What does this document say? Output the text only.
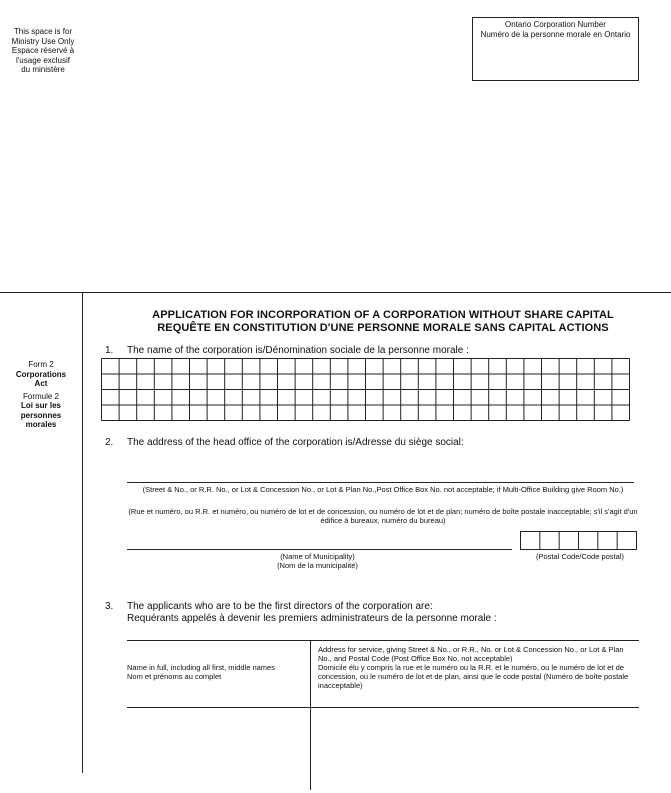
This space is for
Ministry Use Only
Espace réservé à
l'usage exclusif
du ministère
Ontario Corporation Number
Numéro de la personne morale en Ontario
Form 2
Corporations
Act
Formule 2
Loi sur les
personnes
morales
APPLICATION FOR INCORPORATION OF A CORPORATION WITHOUT SHARE CAPITAL
REQUÊTE EN CONSTITUTION D'UNE PERSONNE MORALE SANS CAPITAL ACTIONS
1. The name of the corporation is/Dénomination sociale de la personne morale :
2. The address of the head office of the corporation is/Adresse du siège social:
(Street & No., or R.R. No., or Lot & Concession No., or Lot & Plan No.,Post Office Box No. not acceptable; if Multi-Office Building give Room No.)
(Rue et numéro, ou R.R. et numéro, ou numéro de lot et de concession, ou numéro de lot et de plan; numéro de boîte postale inacceptable; s'il s'agit d'un édifice à bureaux, numéro du bureau)
(Name of Municipality)
(Nom de la municipalité)
(Postal Code/Code postal)
3. The applicants who are to be the first directors of the corporation are:
Requérants appelés à devenir les premiers administrateurs de la personne morale :
Name in full, including all first, middle names
Nom et prénoms au complet
Address for service, giving Street & No., or R.R., No. or Lot & Concession No., or Lot & Plan No., and Postal Code (Post Office Box No. not acceptable)
Domicile élu y compris la rue et le numéro ou la R.R. et le numéro, ou le numéro de lot et de concession, ou le numéro de lot et de plan, ainsi que le code postal (Numéro de boîte postale inacceptable)
